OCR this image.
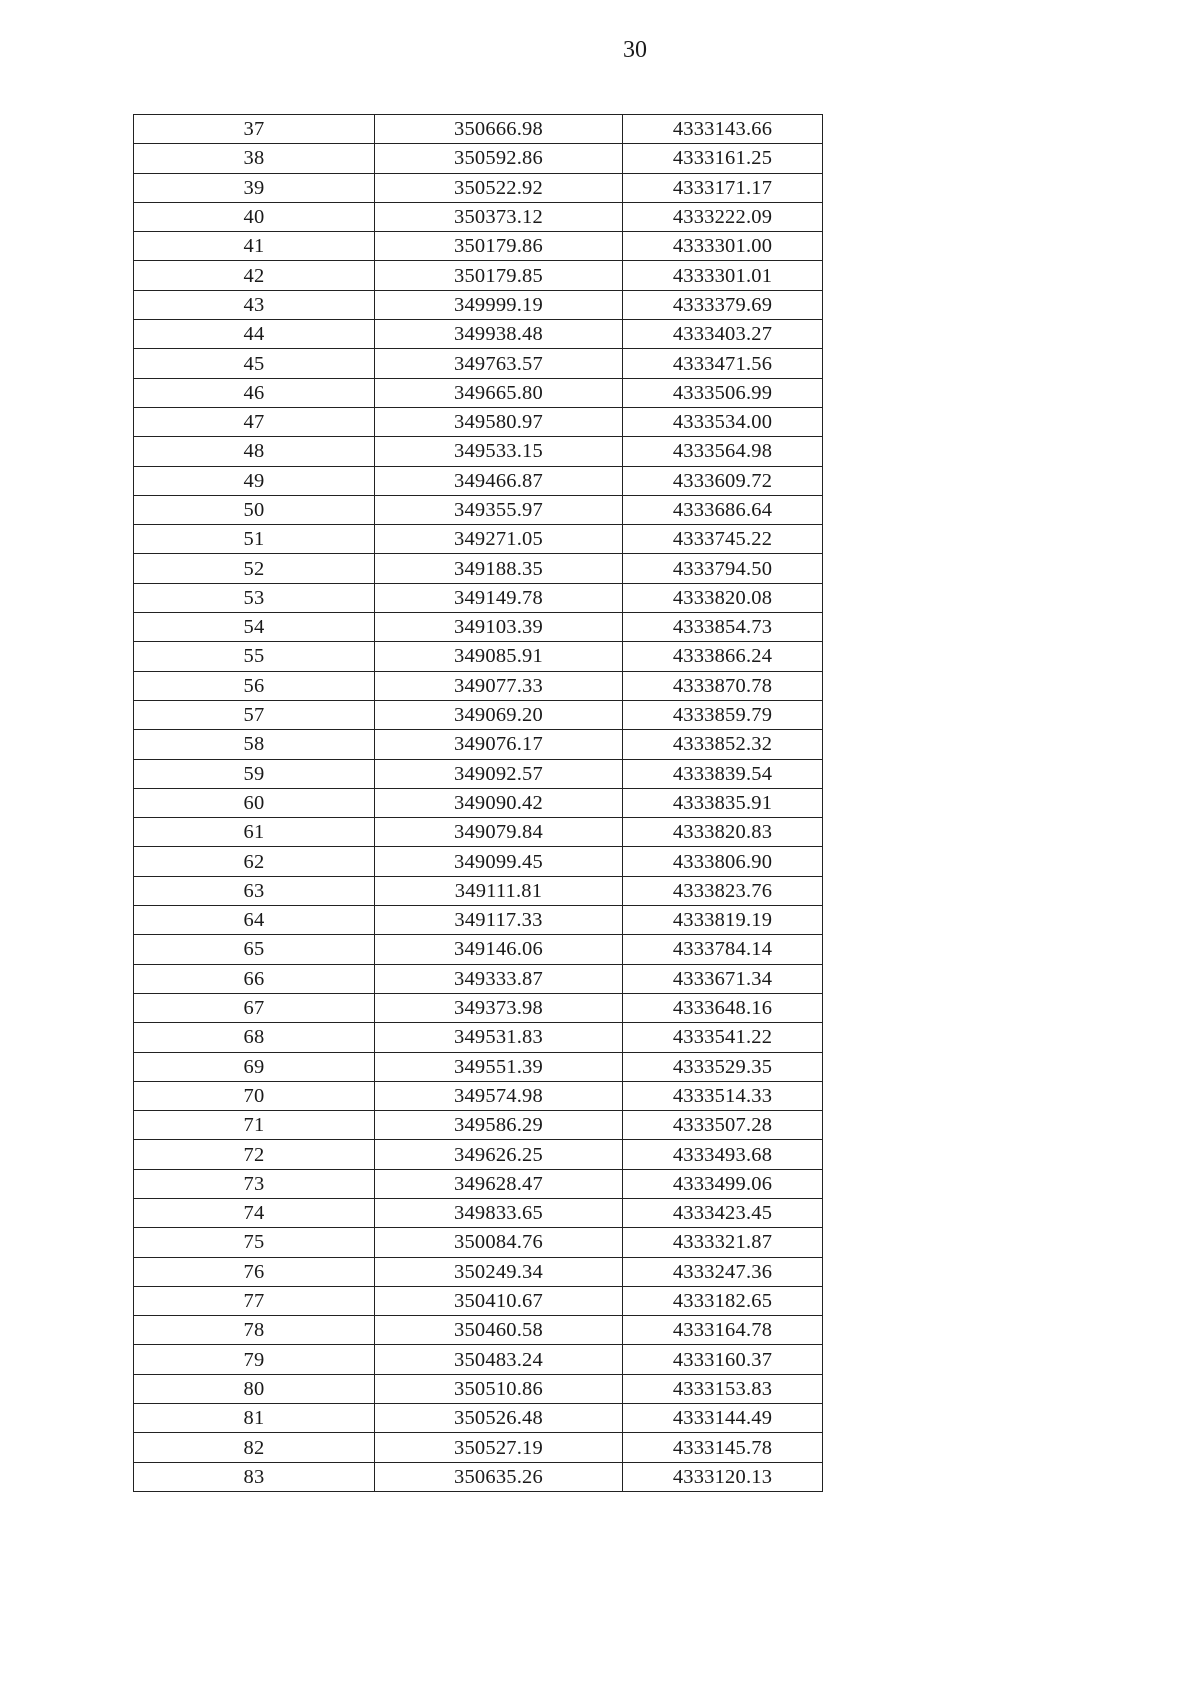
30
37	350666.98	4333143.66
38	350592.86	4333161.25
39	350522.92	4333171.17
40	350373.12	4333222.09
41	350179.86	4333301.00
42	350179.85	4333301.01
43	349999.19	4333379.69
44	349938.48	4333403.27
45	349763.57	4333471.56
46	349665.80	4333506.99
47	349580.97	4333534.00
48	349533.15	4333564.98
49	349466.87	4333609.72
50	349355.97	4333686.64
51	349271.05	4333745.22
52	349188.35	4333794.50
53	349149.78	4333820.08
54	349103.39	4333854.73
55	349085.91	4333866.24
56	349077.33	4333870.78
57	349069.20	4333859.79
58	349076.17	4333852.32
59	349092.57	4333839.54
60	349090.42	4333835.91
61	349079.84	4333820.83
62	349099.45	4333806.90
63	349111.81	4333823.76
64	349117.33	4333819.19
65	349146.06	4333784.14
66	349333.87	4333671.34
67	349373.98	4333648.16
68	349531.83	4333541.22
69	349551.39	4333529.35
70	349574.98	4333514.33
71	349586.29	4333507.28
72	349626.25	4333493.68
73	349628.47	4333499.06
74	349833.65	4333423.45
75	350084.76	4333321.87
76	350249.34	4333247.36
77	350410.67	4333182.65
78	350460.58	4333164.78
79	350483.24	4333160.37
80	350510.86	4333153.83
81	350526.48	4333144.49
82	350527.19	4333145.78
83	350635.26	4333120.13
